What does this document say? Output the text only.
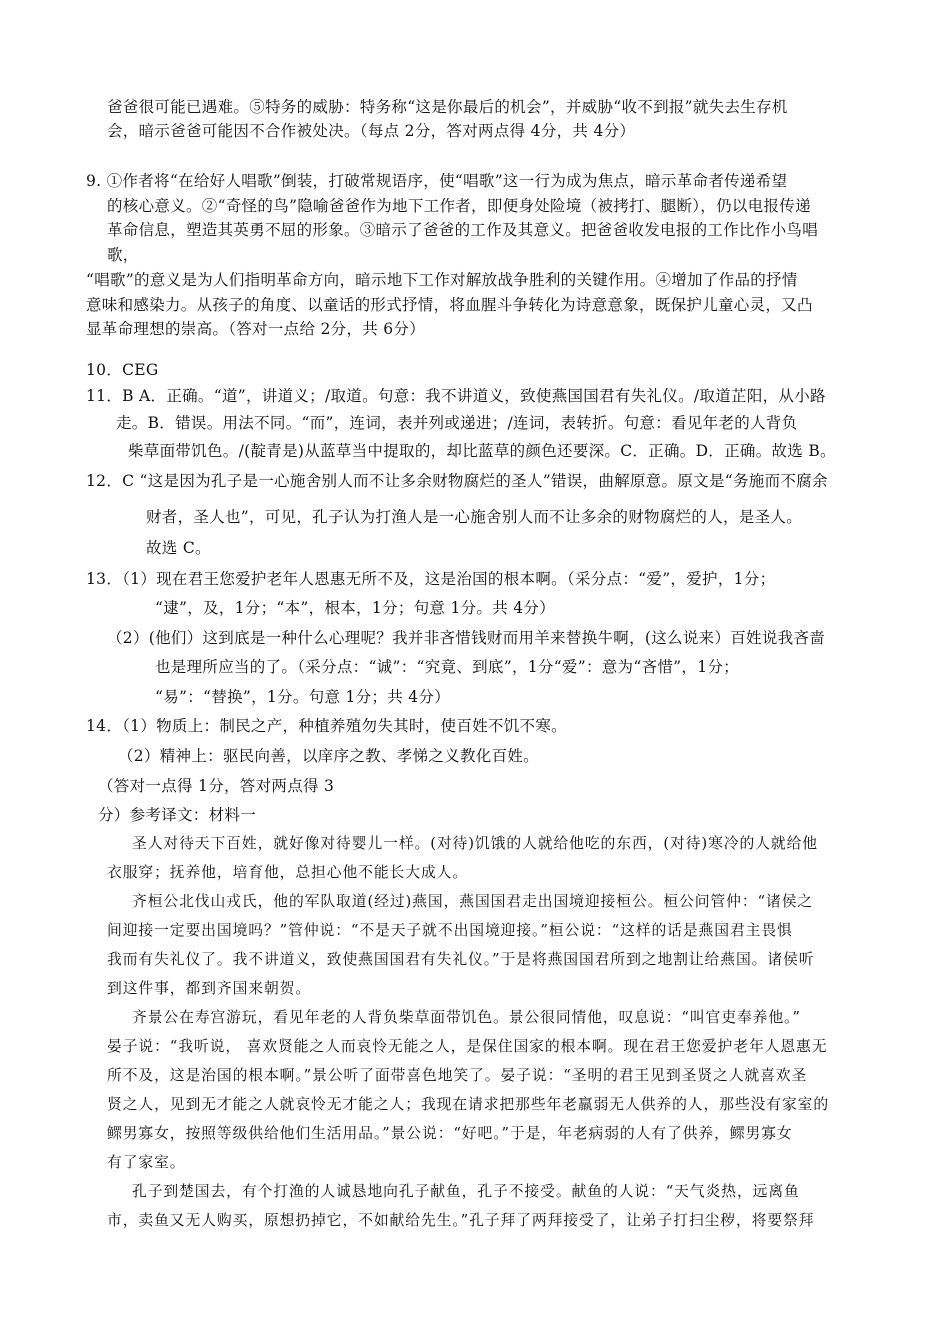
爸爸很可能已遇难。⑤特务的威胁：特务称“这是你最后的机会”，并威胁“收不到报”就失去生存机
会，暗示爸爸可能因不合作被处决。（每点 2分，答对两点得 4分，共 4分）
9. ①作者将“在给好人唱歌”倒装，打破常规语序，使“唱歌”这一行为成为焦点，暗示革命者传递希望
的核心意义。②“奇怪的鸟”隐喻爸爸作为地下工作者，即便身处险境（被拷打、腿断），仍以电报传递
革命信息，塑造其英勇不屈的形象。③暗示了爸爸的工作及其意义。把爸爸收发电报的工作比作小鸟唱
歌，
“唱歌”的意义是为人们指明革命方向，暗示地下工作对解放战争胜利的关键作用。④增加了作品的抒情
意味和感染力。从孩子的角度、以童话的形式抒情，将血腥斗争转化为诗意意象，既保护儿童心灵，又凸
显革命理想的崇高。（答对一点给 2分，共 6分）
10．CEG
11．B A．正确。“道”，讲道义；/取道。句意：我不讲道义，致使燕国国君有失礼仪。/取道芷阳，从小路
走。B．错误。用法不同。“而”，连词，表并列或递进；/连词，表转折。句意：看见年老的人背负
柴草面带饥色。/(靛青是)从蓝草当中提取的，却比蓝草的颜色还要深。C．正确。D．正确。故选 B。
12．C “这是因为孔子是一心施舍别人而不让多余财物腐烂的圣人”错误，曲解原意。原文是“务施而不腐余
财者，圣人也”，可见，孔子认为打渔人是一心施舍别人而不让多余的财物腐烂的人，是圣人。
故选 C。
13．（1）现在君王您爱护老年人恩惠无所不及，这是治国的根本啊。（采分点：“爱”，爱护，1分；
“逮”，及，1分；“本”，根本，1分；句意 1分。共 4分）
（2）(他们）这到底是一种什么心理呢？我并非吝惜钱财而用羊来替换牛啊，(这么说来）百姓说我吝啬
也是理所应当的了。（采分点：“诚”：“究竟、到底”，1分“爱”：意为“吝惜”，1分；
“易”：“替换”，1分。句意 1分；共 4分）
14．（1）物质上：制民之产，种植养殖勿失其时，使百姓不饥不寒。
（2）精神上：驱民向善，以庠序之教、孝悌之义教化百姓。
（答对一点得 1分，答对两点得 3
分）参考译文：材料一
圣人对待天下百姓，就好像对待婴儿一样。(对待)饥饿的人就给他吃的东西，(对待)寒冷的人就给他
衣服穿；抚养他，培育他，总担心他不能长大成人。
齐桓公北伐山戎氏，他的军队取道(经过)燕国，燕国国君走出国境迎接桓公。桓公问管仲：“诸侯之
间迎接一定要出国境吗？”管仲说：“不是天子就不出国境迎接。”桓公说：“这样的话是燕国君主畏惧
我而有失礼仪了。我不讲道义，致使燕国国君有失礼仪。”于是将燕国国君所到之地割让给燕国。诸侯听
到这件事，都到齐国来朝贺。
齐景公在寿宫游玩，看见年老的人背负柴草面带饥色。景公很同情他，叹息说：“叫官吏奉养他。”
晏子说：“我听说， 喜欢贤能之人而哀怜无能之人，是保住国家的根本啊。现在君王您爱护老年人恩惠无
所不及，这是治国的根本啊。”景公听了面带喜色地笑了。晏子说：“圣明的君王见到圣贤之人就喜欢圣
贤之人，见到无才能之人就哀怜无才能之人；我现在请求把那些年老羸弱无人供养的人，那些没有家室的
鳏男寡女，按照等级供给他们生活用品。”景公说：“好吧。”于是，年老病弱的人有了供养，鳏男寡女
有了家室。
孔子到楚国去，有个打渔的人诚恳地向孔子献鱼，孔子不接受。献鱼的人说：“天气炎热，远离鱼
市，卖鱼又无人购买，原想扔掉它，不如献给先生。”孔子拜了两拜接受了，让弟子打扫尘秽，将要祭拜
